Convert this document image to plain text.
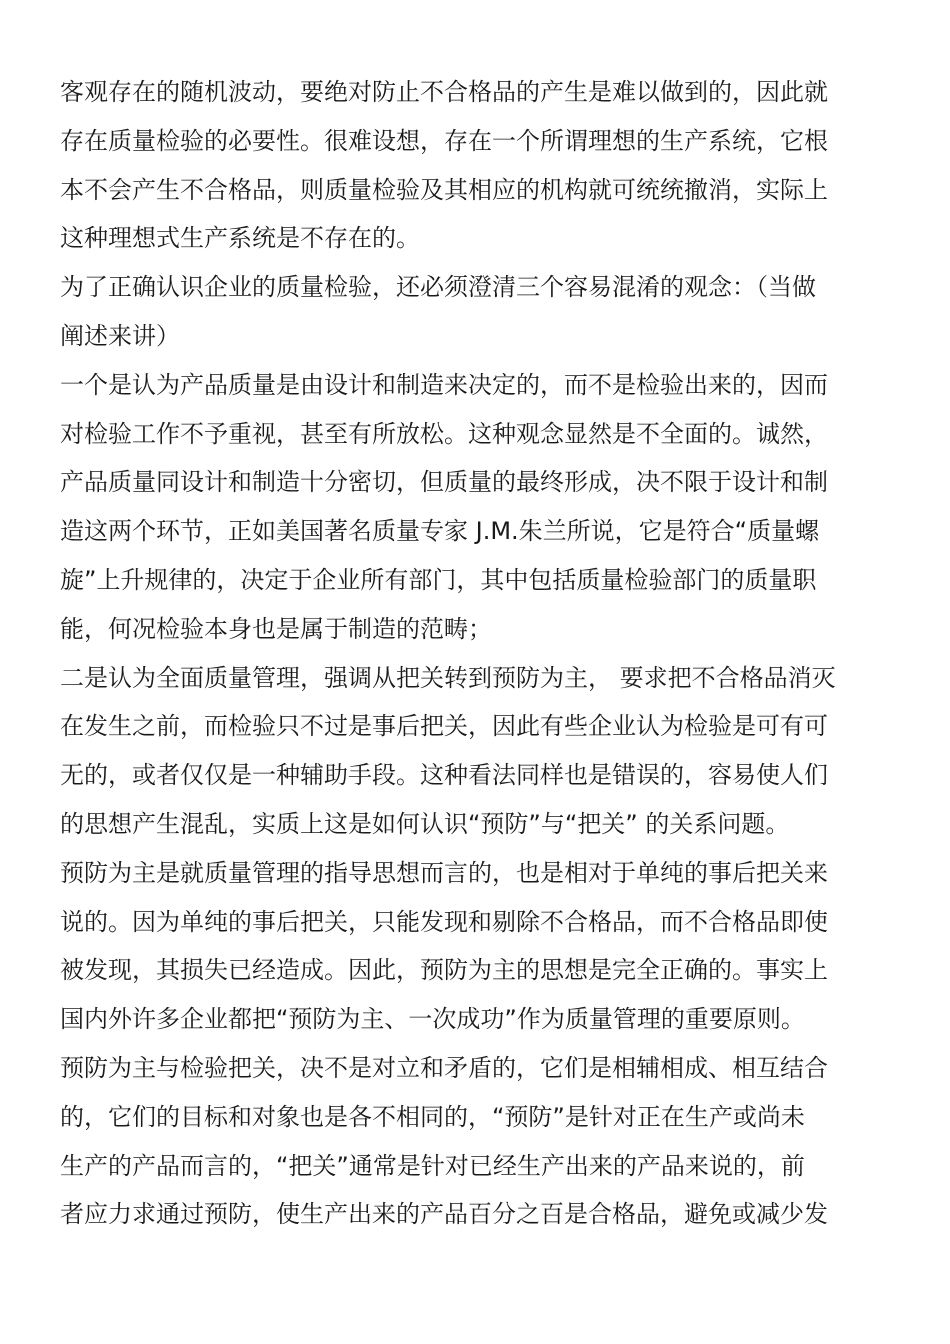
客观存在的随机波动，要绝对防止不合格品的产生是难以做到的，因此就
存在质量检验的必要性。很难设想，存在一个所谓理想的生产系统，它根
本不会产生不合格品，则质量检验及其相应的机构就可统统撤消，实际上
这种理想式生产系统是不存在的。
为了正确认识企业的质量检验，还必须澄清三个容易混淆的观念：（当做
阐述来讲）
一个是认为产品质量是由设计和制造来决定的，而不是检验出来的，因而
对检验工作不予重视，甚至有所放松。这种观念显然是不全面的。诚然，
产品质量同设计和制造十分密切，但质量的最终形成，决不限于设计和制
造这两个环节，正如美国著名质量专家 J.M.朱兰所说，它是符合“质量螺
旋”上升规律的，决定于企业所有部门，其中包括质量检验部门的质量职
能，何况检验本身也是属于制造的范畴；
二是认为全面质量管理，强调从把关转到预防为主， 要求把不合格品消灭
在发生之前，而检验只不过是事后把关，因此有些企业认为检验是可有可
无的，或者仅仅是一种辅助手段。这种看法同样也是错误的，容易使人们
的思想产生混乱，实质上这是如何认识“预防”与“把关” 的关系问题。
预防为主是就质量管理的指导思想而言的，也是相对于单纯的事后把关来
说的。因为单纯的事后把关，只能发现和剔除不合格品，而不合格品即使
被发现，其损失已经造成。因此，预防为主的思想是完全正确的。事实上
国内外许多企业都把“预防为主、一次成功”作为质量管理的重要原则。
预防为主与检验把关，决不是对立和矛盾的，它们是相辅相成、相互结合
的，它们的目标和对象也是各不相同的，“预防”是针对正在生产或尚未
生产的产品而言的，“把关”通常是针对已经生产出来的产品来说的，前
者应力求通过预防，使生产出来的产品百分之百是合格品，避免或减少发
